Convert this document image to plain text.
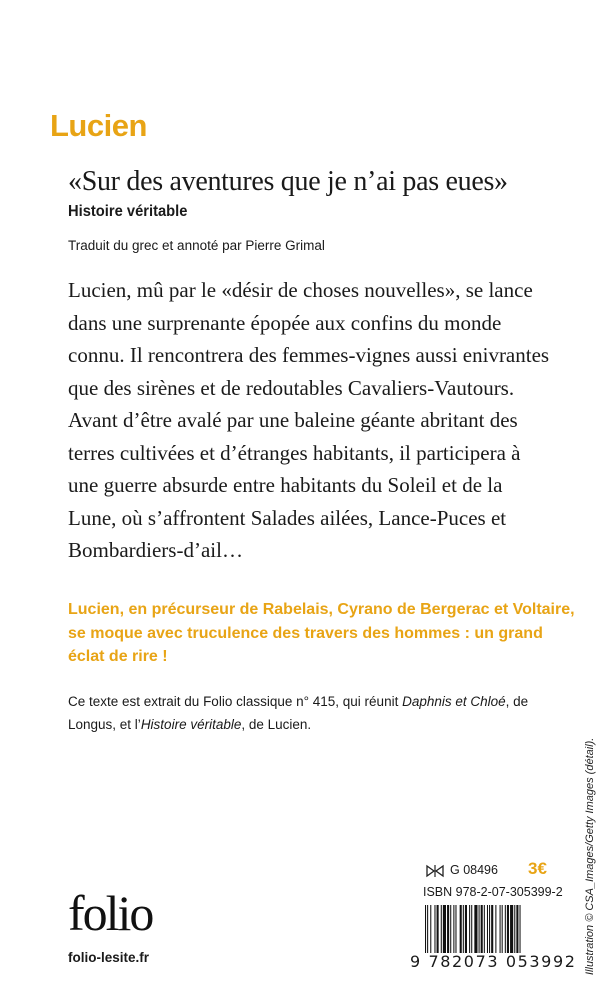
Lucien
«Sur des aventures que je n’ai pas eues»
Histoire véritable
Traduit du grec et annoté par Pierre Grimal
Lucien, mû par le «désir de choses nouvelles», se lance
dans une surprenante épopée aux confins du monde
connu. Il rencontrera des femmes-vignes aussi enivrantes
que des sirènes et de redoutables Cavaliers-Vautours.
Avant d’être avalé par une baleine géante abritant des
terres cultivées et d’étranges habitants, il participera à
une guerre absurde entre habitants du Soleil et de la
Lune, où s’affrontent Salades ailées, Lance-Puces et
Bombardiers-d’ail…
Lucien, en précurseur de Rabelais, Cyrano de Bergerac et Voltaire,
se moque avec truculence des travers des hommes : un grand
éclat de rire !
Ce texte est extrait du Folio classique n° 415, qui réunit Daphnis et Chloé, de
Longus, et l’Histoire véritable, de Lucien.
folio
folio-lesite.fr	Illustration © CSA_Images/Getty Images (détail).
G 08496 3€
ISBN 978-2-07-305399-2
9 782073 053992
